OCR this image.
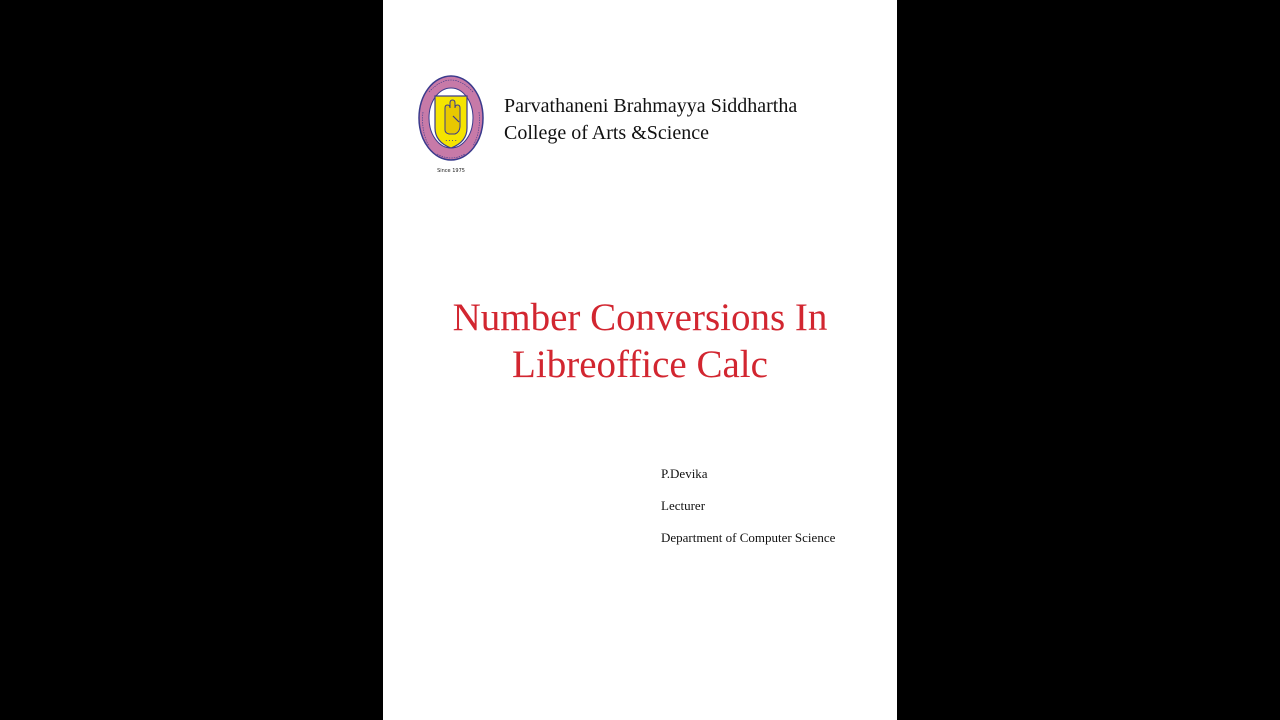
• • • •
Since 1975
Parvathaneni Brahmayya Siddhartha
College of Arts &Science
Number Conversions In
Libreoffice Calc
P.Devika
Lecturer
Department of Computer Science
